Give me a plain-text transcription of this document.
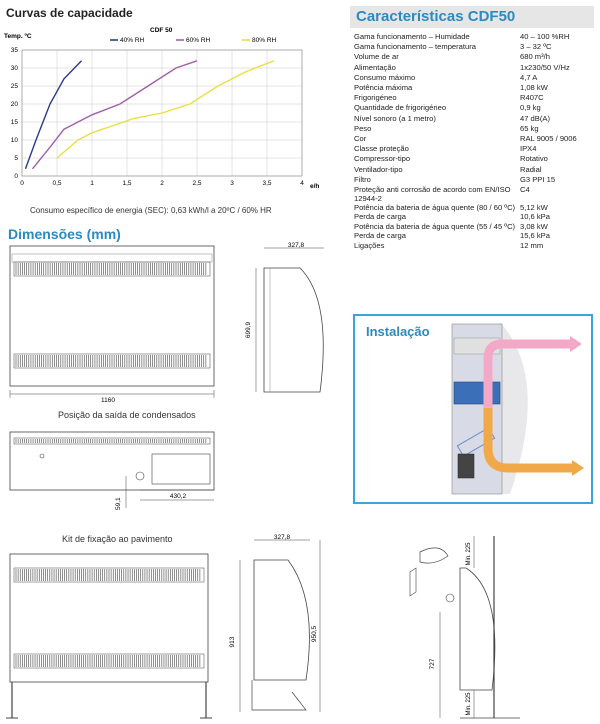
Curvas de capacidade
Temp. ºC
CDF 50
40% RH	60% RH	80% RH
0	0,5	1	1,5	2	2,5	3	3,5	4
0
5
10
15
20
25
30
35
e/h
Consumo específico de energia (SEC): 0,63 kWh/l a 20ºC / 60% HR
Características CDF50
Gama funcionamento – Humidade	40 – 100 %RH
Gama funcionamento – temperatura	3 – 32 ºC
Volume de ar	680 m³/h
Alimentação	1x230/50 V/Hz
Consumo máximo	4,7 A
Potência máxima	1,08 kW
Frigorigéneo	R407C
Quantidade de frigorigéneo	0,9 kg
Nível sonoro (a 1 metro)	47 dB(A)
Peso	65 kg
Cor	RAL 9005 / 9006
Classe proteção	IPX4
Compressor-tipo	Rotativo
Ventilador-tipo	Radial
Filtro	G3 PPI 15
Proteção anti corrosão de acordo com EN/ISO 12944-2
C4
Potência da bateria de água quente (80 / 60 ºC) 5,12 kW
Perda de carga	10,6 kPa
Potência da bateria de água quente (55 / 45 ºC) 3,08 kW
Perda de carga	15,6 kPa
Ligações	12 mm
Dimensões (mm)
1160
327,8
699,9
Posição da saída de condensados
430,2
59,1
Kit de fixação ao pavimento	327,8
913	950,5
Min. 225
727
Min. 225
Instalação
